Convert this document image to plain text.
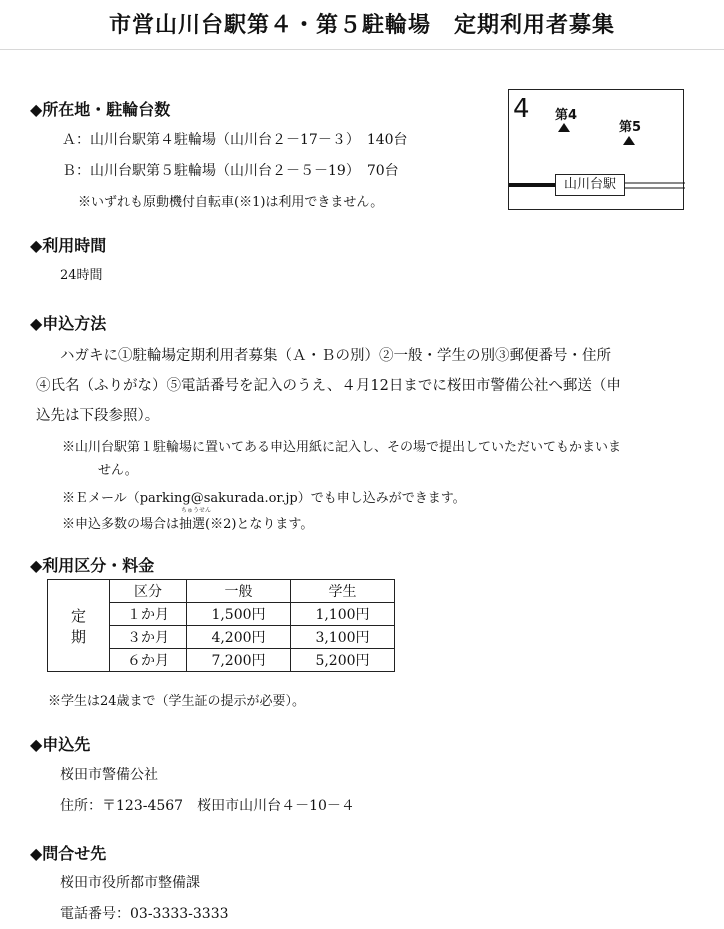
市営山川台駅第４・第５駐輪場　定期利用者募集
◆所在地・駐輪台数
Ａ：山川台駅第４駐輪場（山川台２－17－３）　140台
Ｂ：山川台駅第５駐輪場（山川台２－５－19）　70台
※いずれも原動機付自転車(※1)は利用できません。
4 第4
第5
山川台駅
◆利用時間
24時間
◆申込方法
ハガキに①駐輪場定期利用者募集（Ａ・Ｂの別）②一般・学生の別③郵便番号・住所
④氏名（ふりがな）⑤電話番号を記入のうえ、４月12日までに桜田市警備公社へ郵送（申
込先は下段参照）。
※山川台駅第１駐輪場に置いてある申込用紙に記入し、その場で提出していただいてもかまいま
せん。
※Ｅメール（parking@sakurada.or.jp）でも申し込みができます。
ちゅうせん
※申込多数の場合は抽選(※2)となります。
◆利用区分・料金
定	区分	一般	学生
	１か月	1,500円	1,100円
期	３か月	4,200円	3,100円
	６か月	7,200円	5,200円
※学生は24歳まで（学生証の提示が必要）。
◆申込先
桜田市警備公社
住所：〒123-4567　桜田市山川台４－10－４
◆問合せ先
桜田市役所都市整備課
電話番号：03-3333-3333
